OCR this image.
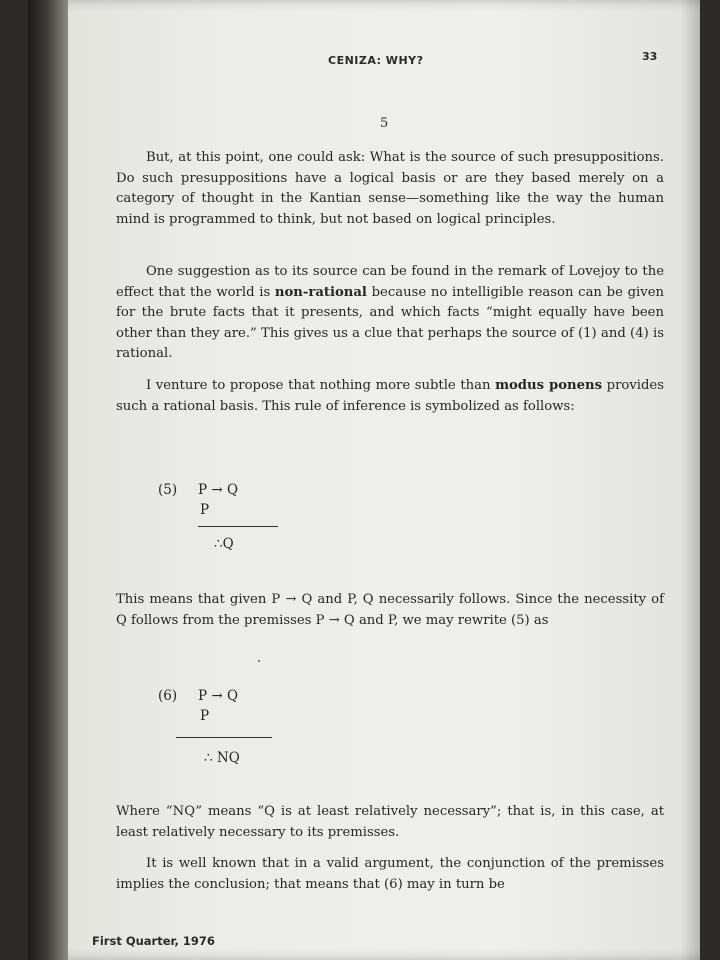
CENIZA: WHY?	33
5

But, at this point, one could ask: What is the source of such presuppositions. Do such presuppositions have a logical basis or are they based merely on a category of thought in the Kantian sense—something like the way the human mind is programmed to think, but not based on logical principles.

One suggestion as to its source can be found in the remark of Lovejoy to the effect that the world is non-rational because no intelligible reason can be given for the brute facts that it presents, and which facts “might equally have been other than they are.” This gives us a clue that perhaps the source of (1) and (4) is rational.

I venture to propose that nothing more subtle than modus ponens provides such a rational basis. This rule of inference is symbolized as follows:

(5) P → Q
P
∴Q

This means that given P → Q and P, Q necessarily follows. Since the necessity of Q follows from the premisses P → Q and P, we may rewrite (5) as

(6) P → Q
P
∴ NQ

Where “NQ” means “Q is at least relatively necessary”; that is, in this case, at least relatively necessary to its premisses.

It is well known that in a valid argument, the conjunction of the premisses implies the conclusion; that means that (6) may in turn be

First Quarter, 1976
